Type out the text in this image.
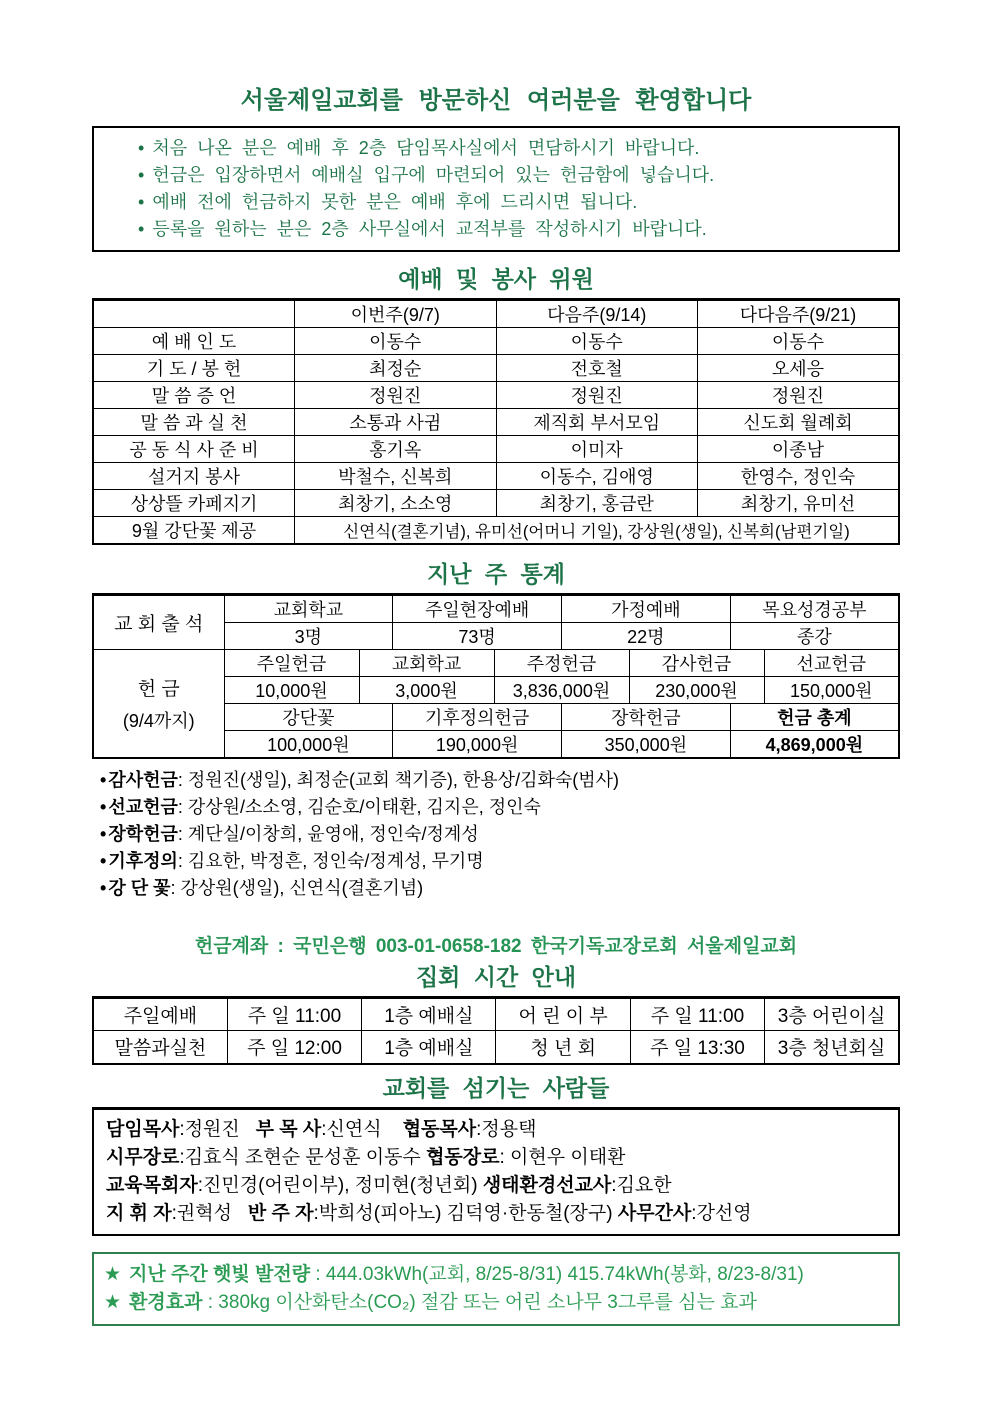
서울제일교회를 방문하신 여러분을 환영합니다
• 처음 나온 분은 예배 후 2층 담임목사실에서 면담하시기 바랍니다.
• 헌금은 입장하면서 예배실 입구에 마련되어 있는 헌금함에 넣습니다.
• 예배 전에 헌금하지 못한 분은 예배 후에 드리시면 됩니다.
• 등록을 원하는 분은 2층 사무실에서 교적부를 작성하시기 바랍니다.
예배 및 봉사 위원
	이번주(9/7)	다음주(9/14)	다다음주(9/21)
예 배 인 도	이동수	이동수	이동수
기 도 / 봉 헌	최정순	전호철	오세응
말 씀 증 언	정원진	정원진	정원진
말 씀 과 실 천	소통과 사귐	제직회 부서모임	신도회 월례회
공 동 식 사 준 비	홍기옥	이미자	이종남
설거지 봉사	박철수, 신복희	이동수, 김애영	한영수, 정인숙
상상뜰 카페지기	최창기, 소소영	최창기, 홍금란	최창기, 유미선
9월 강단꽃 제공	신연식(결혼기념), 유미선(어머니 기일), 강상원(생일), 신복희(남편기일)		
지난 주 통계
교 회 출 석	교회학교		주일현장예배		가정예배		목요성경공부	
	3명		73명		22명		종강	

헌 금
(9/4까지)	주일헌금	교회학교		주정헌금		감사헌금		선교헌금
	10,000원	3,000원		3,836,000원		230,000원		150,000원
	강단꽃		기후정의헌금		장학헌금		헌금 총계	
	100,000원		190,000원		350,000원		4,869,000원	
• 감사헌금: 정원진(생일), 최정순(교회 책기증), 한용상/김화숙(범사)
• 선교헌금: 강상원/소소영, 김순호/이태환, 김지은, 정인숙
• 장학헌금: 계단실/이창희, 윤영애, 정인숙/정계성
• 기후정의: 김요한, 박정흔, 정인숙/정계성, 무기명
• 강 단 꽃: 강상원(생일), 신연식(결혼기념)
헌금계좌 : 국민은행 003-01-0658-182 한국기독교장로회 서울제일교회
집회 시간 안내
주일예배	주 일 11:00	1층 예배실	어 린 이 부	주 일 11:00	3층 어린이실
말씀과실천	주 일 12:00	1층 예배실	청 년 회	주 일 13:30	3층 청년회실
교회를 섬기는 사람들
담임목사:정원진   부 목 사:신연식    협동목사:정용택
시무장로:김효식 조현순 문성훈 이동수 협동장로: 이현우 이태환
교육목회자:진민경(어린이부), 정미현(청년회) 생태환경선교사:김요한
지 휘 자:권혁성   반 주 자:박희성(피아노) 김덕영·한동철(장구) 사무간사:강선영
★ 지난 주간 햇빛 발전량 : 444.03kWh(교회, 8/25-8/31) 415.74kWh(봉화, 8/23-8/31)
★ 환경효과 : 380kg 이산화탄소(CO₂) 절감 또는 어린 소나무 3그루를 심는 효과
